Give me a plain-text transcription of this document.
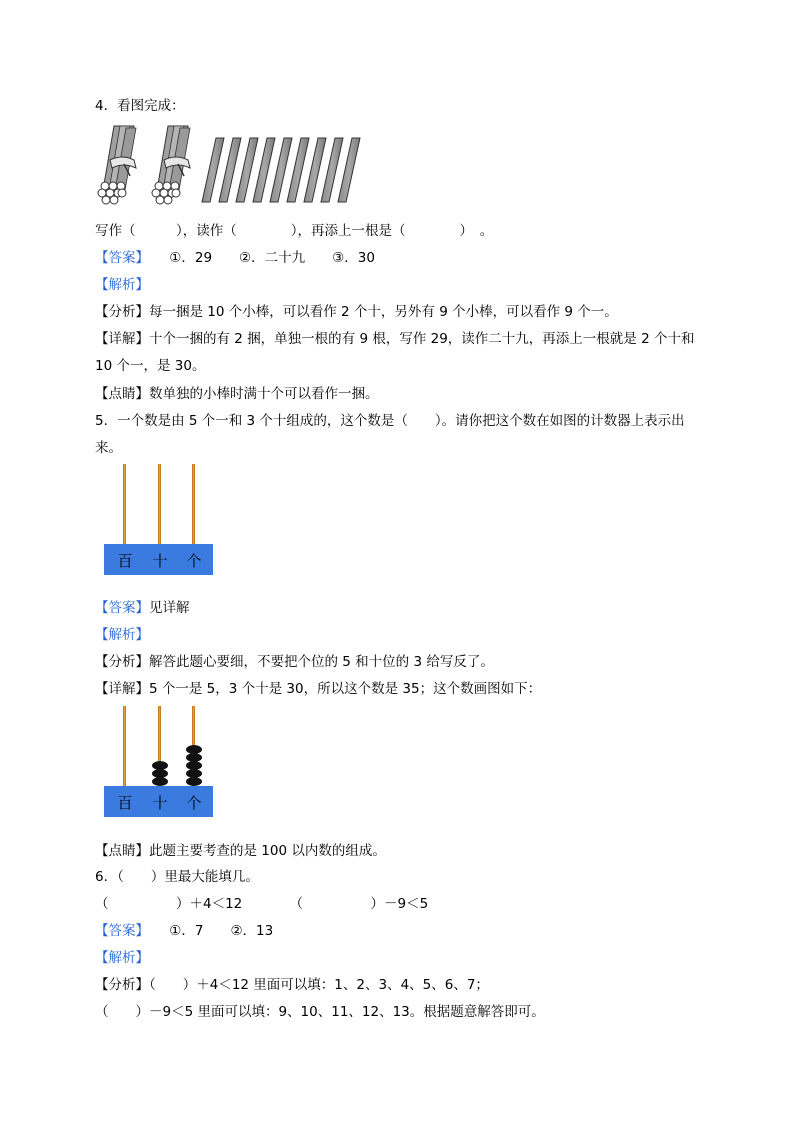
4．看图完成：
写作（　　　），读作（　　　　），再添上一根是（　　　　）　。
【答案】　　①．29　　②．二十九　　③．30
【解析】
【分析】每一捆是 10 个小棒，可以看作 2 个十，另外有 9 个小棒，可以看作 9 个一。
【详解】十个一捆的有 2 捆，单独一根的有 9 根，写作 29，读作二十九，再添上一根就是 2 个十和
10 个一，是 30。
【点睛】数单独的小棒时满十个可以看作一捆。
5．一个数是由 5 个一和 3 个十组成的，这个数是（　　）。请你把这个数在如图的计数器上表示出
来。
百	十	个
【答案】见详解
【解析】
【分析】解答此题心要细，不要把个位的 5 和十位的 3 给写反了。
【详解】5 个一是 5，3 个十是 30，所以这个数是 35；这个数画图如下：
百	十	个
【点睛】此题主要考查的是 100 以内数的组成。
6．（　　）里最大能填几。
（　　　　　）＋4＜12　　　　（　　　　　）－9＜5
【答案】　　①．7　　②．13
【解析】
【分析】（　　）＋4＜12 里面可以填：1、2、3、4、5、6、7；
（　　）－9＜5 里面可以填：9、10、11、12、13。根据题意解答即可。
